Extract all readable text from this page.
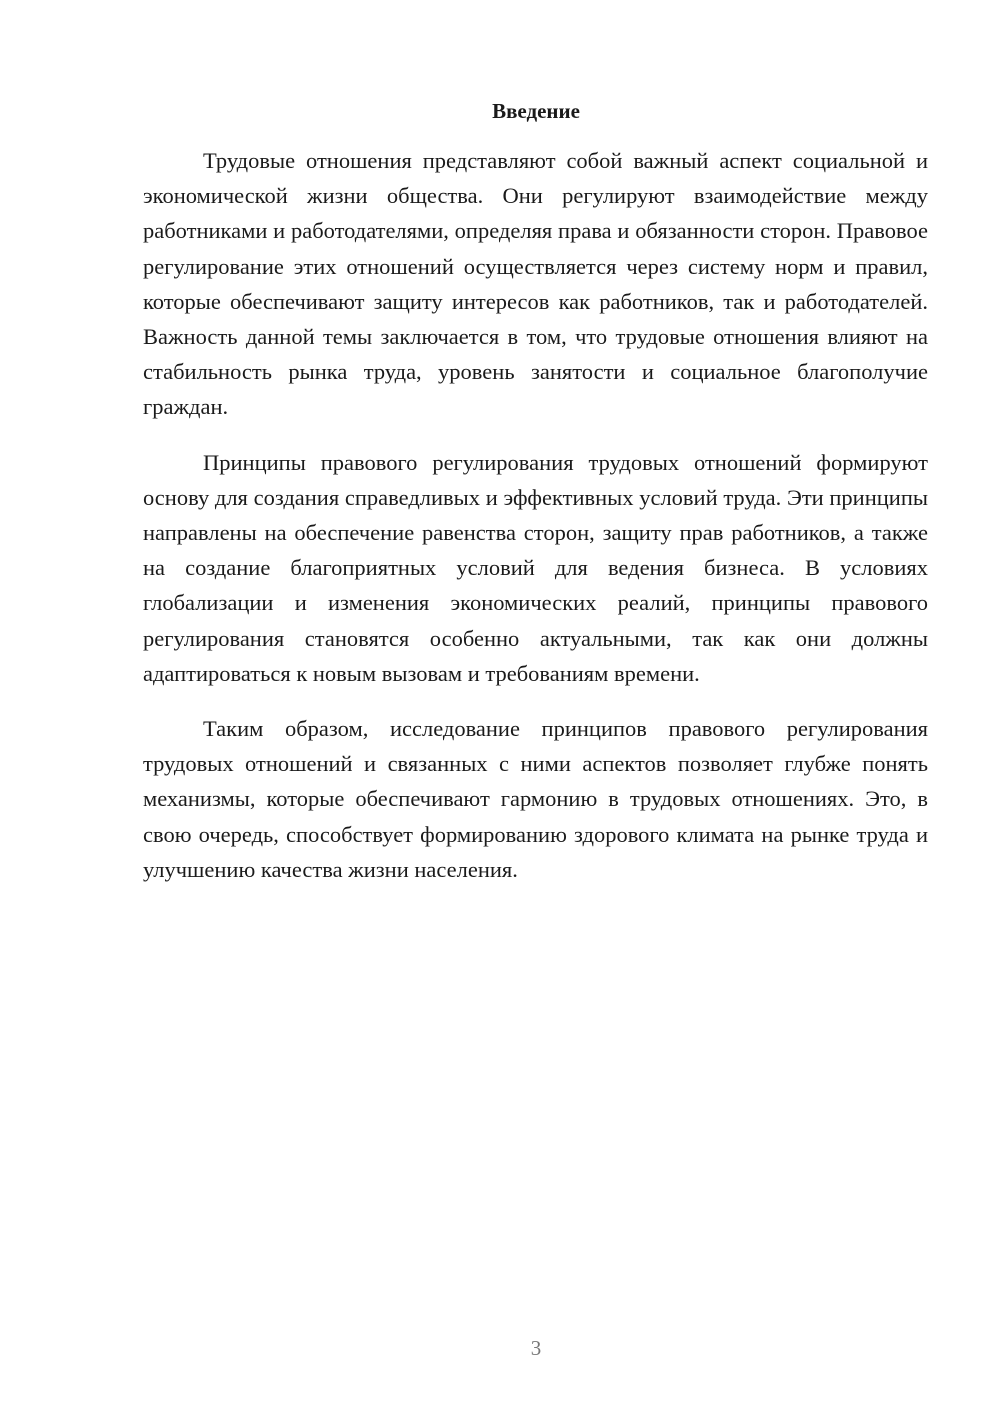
Введение

Трудовые отношения представляют собой важный аспект социальной и экономической жизни общества. Они регулируют взаимодействие между работниками и работодателями, определяя права и обязанности сторон. Правовое регулирование этих отношений осуществляется через систему норм и правил, которые обеспечивают защиту интересов как работников, так и работодателей. Важность данной темы заключается в том, что трудовые отношения влияют на стабильность рынка труда, уровень занятости и социальное благополучие граждан.

Принципы правового регулирования трудовых отношений формируют основу для создания справедливых и эффективных условий труда. Эти принципы направлены на обеспечение равенства сторон, защиту прав работников, а также на создание благоприятных условий для ведения бизнеса. В условиях глобализации и изменения экономических реалий, принципы правового регулирования становятся особенно актуальными, так как они должны адаптироваться к новым вызовам и требованиям времени.

Таким образом, исследование принципов правового регулирования трудовых отношений и связанных с ними аспектов позволяет глубже понять механизмы, которые обеспечивают гармонию в трудовых отношениях. Это, в свою очередь, способствует формированию здорового климата на рынке труда и улучшению качества жизни населения.

3
